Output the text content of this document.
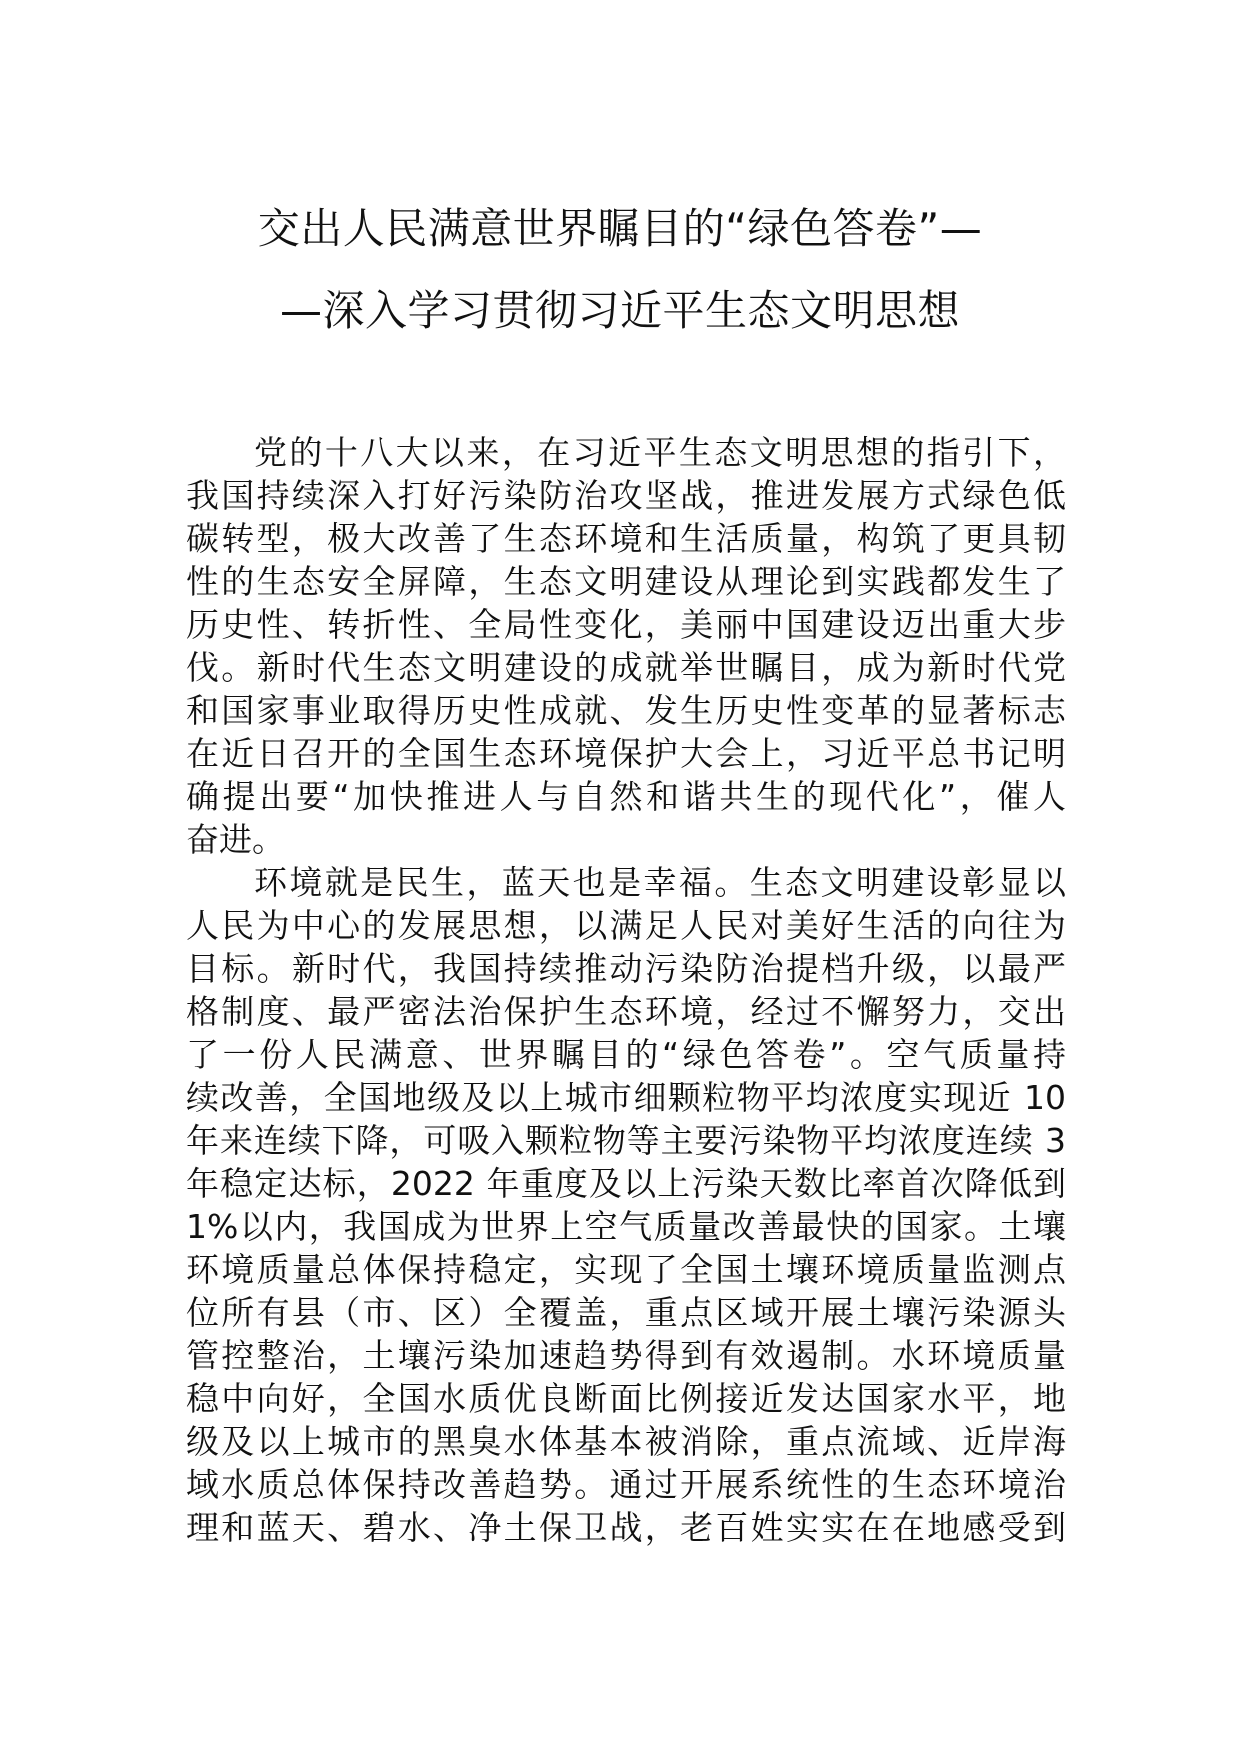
交出人民满意世界瞩目的“绿色答卷”—
—深入学习贯彻习近平生态文明思想
党的十八大以来，在习近平生态文明思想的指引下，
我国持续深入打好污染防治攻坚战，推进发展方式绿色低
碳转型，极大改善了生态环境和生活质量，构筑了更具韧
性的生态安全屏障，生态文明建设从理论到实践都发生了
历史性、转折性、全局性变化，美丽中国建设迈出重大步
伐。新时代生态文明建设的成就举世瞩目，成为新时代党
和国家事业取得历史性成就、发生历史性变革的显著标志
在近日召开的全国生态环境保护大会上，习近平总书记明
确提出要“加快推进人与自然和谐共生的现代化”，催人
奋进。
环境就是民生，蓝天也是幸福。生态文明建设彰显以
人民为中心的发展思想，以满足人民对美好生活的向往为
目标。新时代，我国持续推动污染防治提档升级，以最严
格制度、最严密法治保护生态环境，经过不懈努力，交出
了一份人民满意、世界瞩目的“绿色答卷”。空气质量持
续改善，全国地级及以上城市细颗粒物平均浓度实现近 10
年来连续下降，可吸入颗粒物等主要污染物平均浓度连续 3
年稳定达标，2022 年重度及以上污染天数比率首次降低到
1%以内，我国成为世界上空气质量改善最快的国家。土壤
环境质量总体保持稳定，实现了全国土壤环境质量监测点
位所有县（市、区）全覆盖，重点区域开展土壤污染源头
管控整治，土壤污染加速趋势得到有效遏制。水环境质量
稳中向好，全国水质优良断面比例接近发达国家水平，地
级及以上城市的黑臭水体基本被消除，重点流域、近岸海
域水质总体保持改善趋势。通过开展系统性的生态环境治
理和蓝天、碧水、净土保卫战，老百姓实实在在地感受到
